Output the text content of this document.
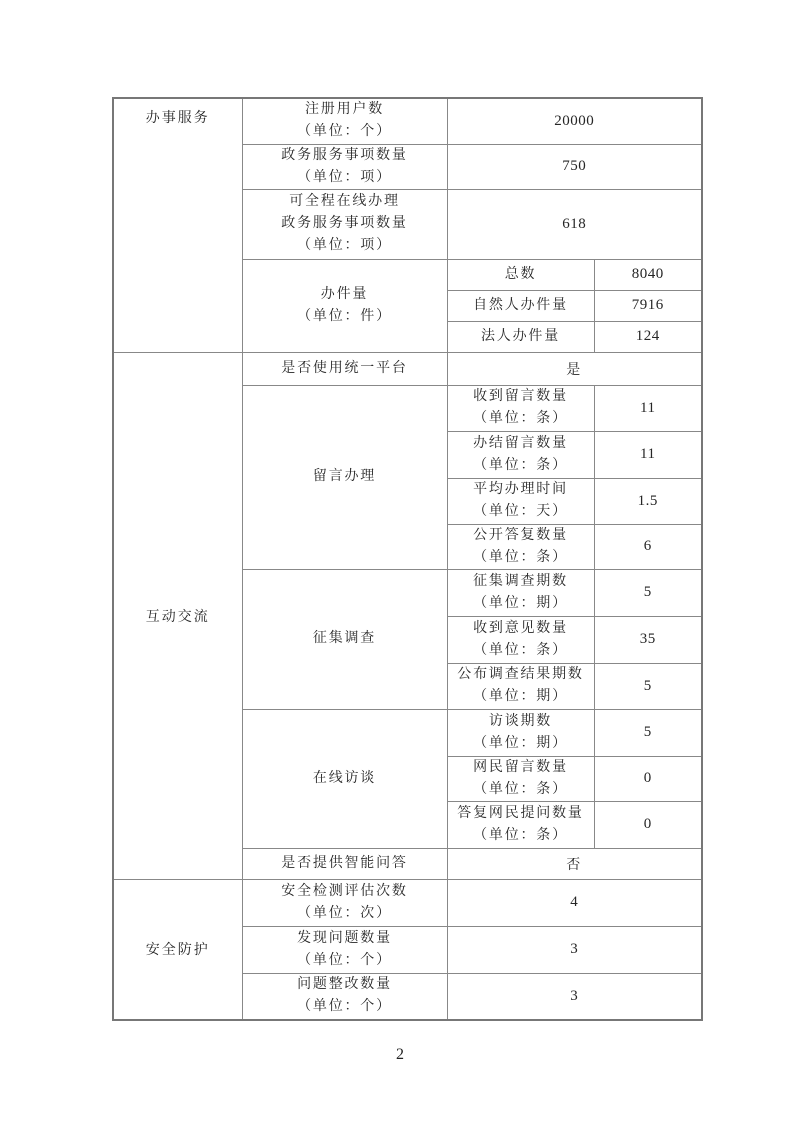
办事服务	注册用户数
（单位：个）	20000	

	政务服务事项数量
（单位：项）	750	

	可全程在线办理
政务服务事项数量
（单位：项）	618	

	办件量
（单位：件）	总数	8040

		自然人办件量	7916

		法人办件量	124
互动交流	是否使用统一平台	是	

	留言办理	收到留言数量
（单位：条）	11

		办结留言数量
（单位：条）	11

		平均办理时间
（单位：天）	1.5

		公开答复数量
（单位：条）	6

	征集调查	征集调查期数
（单位：期）	5

		收到意见数量
（单位：条）	35

		公布调查结果期数
（单位：期）	5

	在线访谈	访谈期数
（单位：期）	5

		网民留言数量
（单位：条）	0

		答复网民提问数量
（单位：条）	0

	是否提供智能问答	否	
安全防护	安全检测评估次数
（单位：次）	4	

	发现问题数量
（单位：个）	3	

	问题整改数量
（单位：个）	3	
2
